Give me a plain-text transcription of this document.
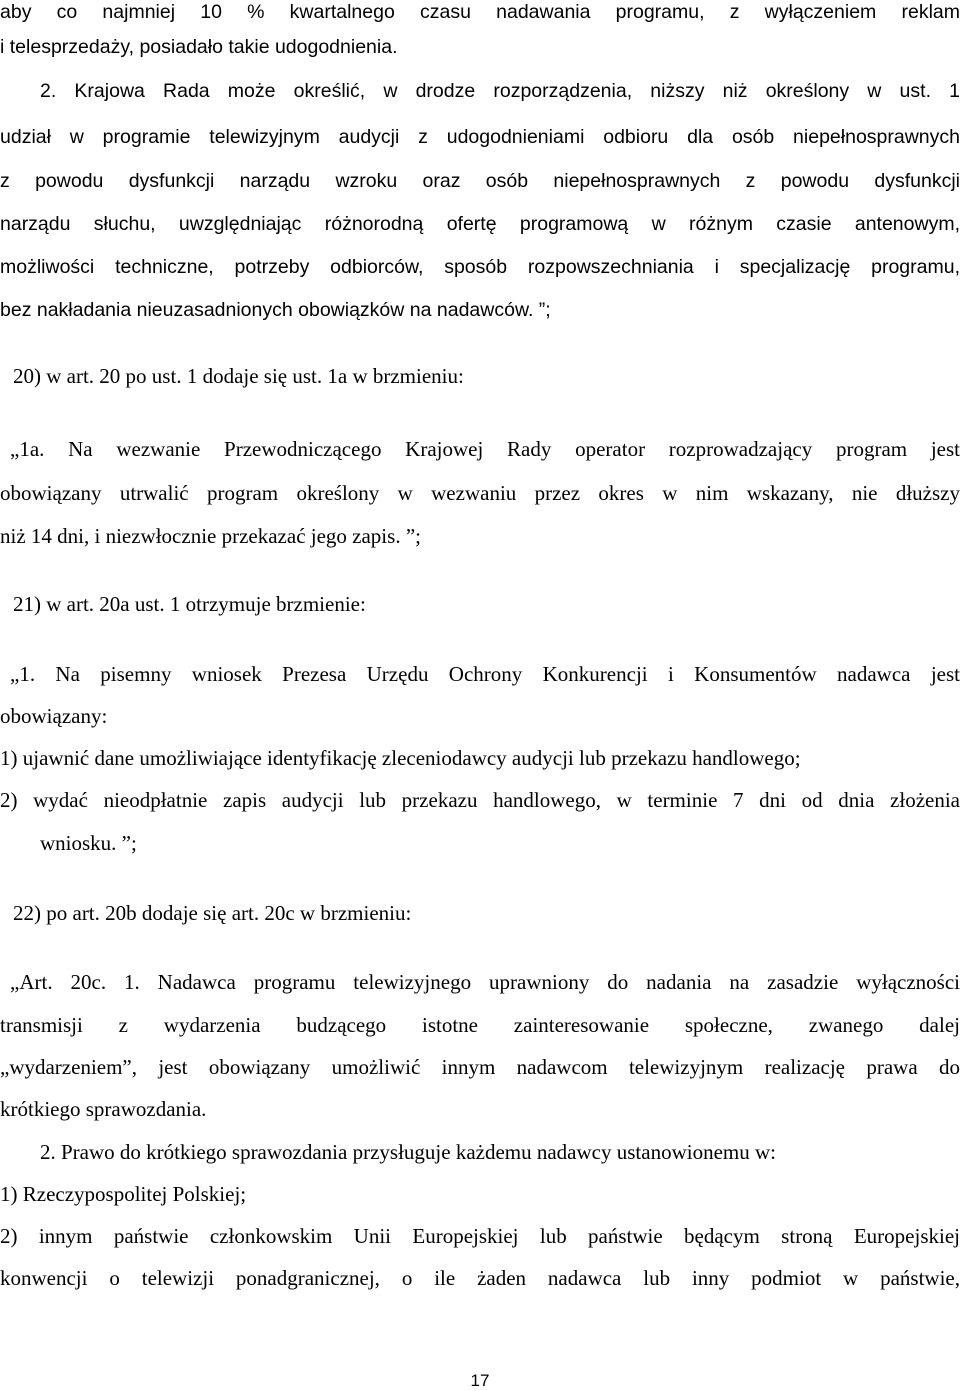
aby co najmniej 10 % kwartalnego czasu nadawania programu, z wyłączeniem reklam

i telesprzedaży, posiadało takie udogodnienia.

2. Krajowa Rada może określić, w drodze rozporządzenia, niższy niż określony w ust. 1

udział w programie telewizyjnym audycji z udogodnieniami odbioru dla osób niepełnosprawnych

z powodu dysfunkcji narządu wzroku oraz osób niepełnosprawnych z powodu dysfunkcji

narządu słuchu, uwzględniając różnorodną ofertę programową w różnym czasie antenowym,

możliwości techniczne, potrzeby odbiorców, sposób rozpowszechniania i specjalizację programu,

bez nakładania nieuzasadnionych obowiązków na nadawców. ”;

20) w art. 20 po ust. 1 dodaje się ust. 1a w brzmieniu:

„1a. Na wezwanie Przewodniczącego Krajowej Rady operator rozprowadzający program jest

obowiązany utrwalić program określony w wezwaniu przez okres w nim wskazany, nie dłuższy

niż 14 dni, i niezwłocznie przekazać jego zapis. ”;

21) w art. 20a ust. 1 otrzymuje brzmienie:

„1. Na pisemny wniosek Prezesa Urzędu Ochrony Konkurencji i Konsumentów nadawca jest

obowiązany:

1) ujawnić dane umożliwiające identyfikację zleceniodawcy audycji lub przekazu handlowego;

2) wydać nieodpłatnie zapis audycji lub przekazu handlowego, w terminie 7 dni od dnia złożenia

wniosku. ”;

22) po art. 20b dodaje się art. 20c w brzmieniu:

„Art. 20c. 1. Nadawca programu telewizyjnego uprawniony do nadania na zasadzie wyłączności

transmisji z wydarzenia budzącego istotne zainteresowanie społeczne, zwanego dalej

„wydarzeniem”, jest obowiązany umożliwić innym nadawcom telewizyjnym realizację prawa do

krótkiego sprawozdania.

2. Prawo do krótkiego sprawozdania przysługuje każdemu nadawcy ustanowionemu w:

1) Rzeczypospolitej Polskiej;

2) innym państwie członkowskim Unii Europejskiej lub państwie będącym stroną Europejskiej

konwencji o telewizji ponadgranicznej, o ile żaden nadawca lub inny podmiot w państwie,

17
